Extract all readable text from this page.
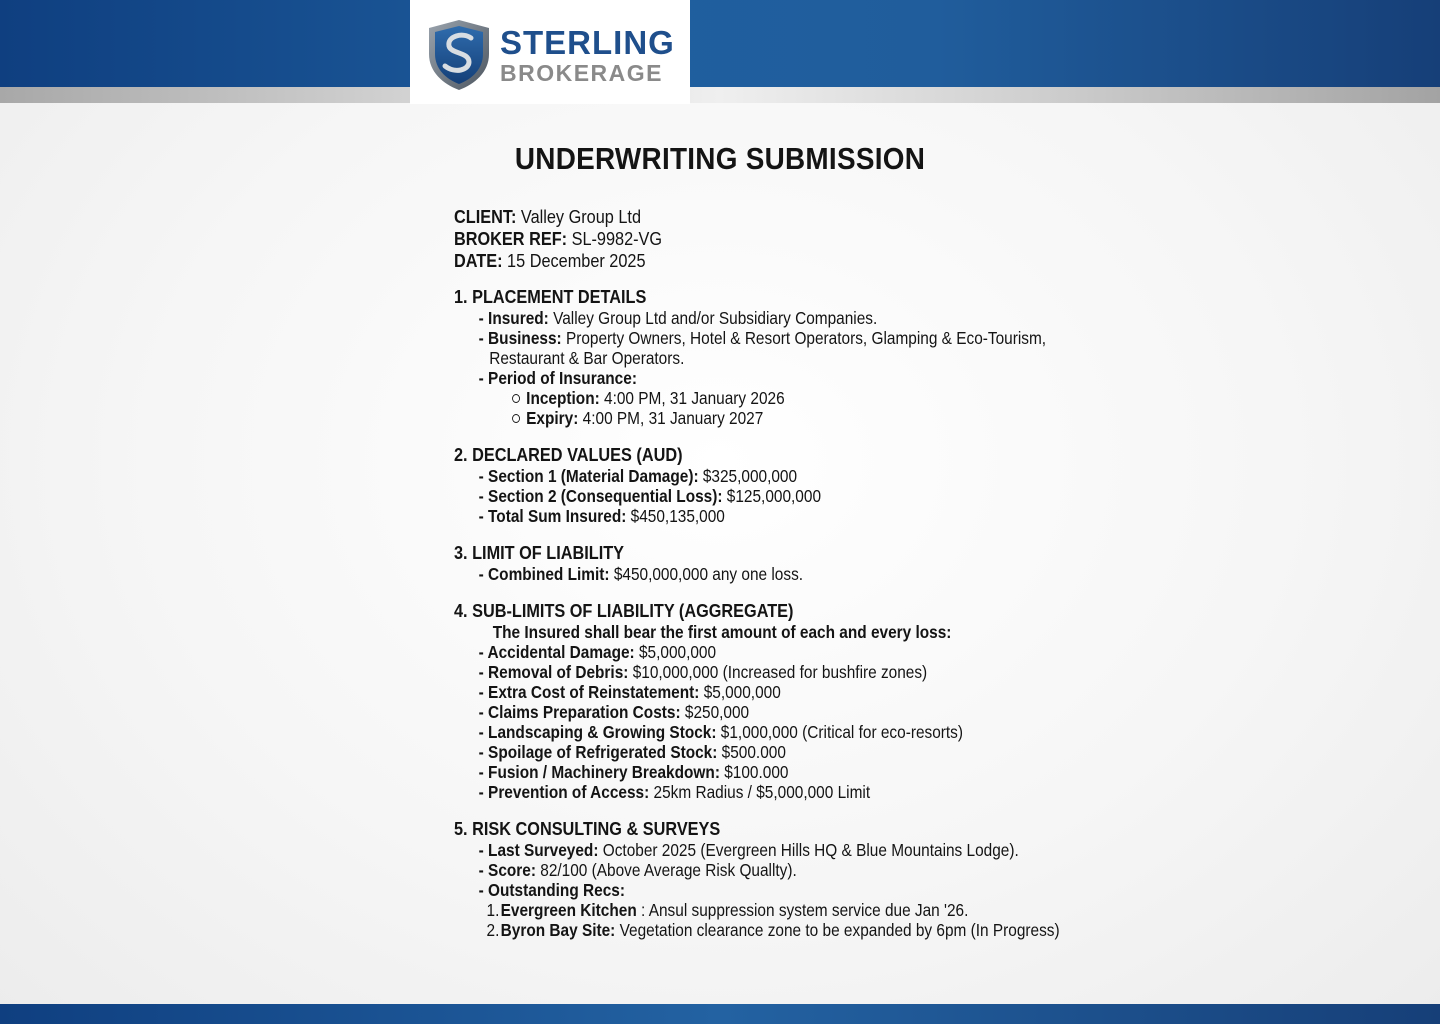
STERLING
BROKERAGE
UNDERWRITING SUBMISSION
CLIENT: Valley Group Ltd
BROKER REF: SL-9982-VG
DATE: 15 December 2025
1. PLACEMENT DETAILS
- Insured: Valley Group Ltd and/or Subsidiary Companies.
- Business: Property Owners, Hotel & Resort Operators, Glamping & Eco-Tourism, Restaurant & Bar Operators.
- Period of Insurance:
Inception: 4:00 PM, 31 January 2026
Expiry: 4:00 PM, 31 January 2027
2. DECLARED VALUES (AUD)
- Section 1 (Material Damage): $325,000,000
- Section 2 (Consequential Loss): $125,000,000
- Total Sum Insured: $450,135,000
3. LIMIT OF LIABILITY
- Combined Limit: $450,000,000 any one loss.
4. SUB-LIMITS OF LIABILITY (AGGREGATE)
The Insured shall bear the first amount of each and every loss:
- Accidental Damage: $5,000,000
- Removal of Debris: $10,000,000 (Increased for bushfire zones)
- Extra Cost of Reinstatement: $5,000,000
- Claims Preparation Costs: $250,000
- Landscaping & Growing Stock: $1,000,000 (Critical for eco-resorts)
- Spoilage of Refrigerated Stock: $500.000
- Fusion / Machinery Breakdown: $100.000
- Prevention of Access: 25km Radius / $5,000,000 Limit
5. RISK CONSULTING & SURVEYS
- Last Surveyed: October 2025 (Evergreen Hills HQ & Blue Mountains Lodge).
- Score: 82/100 (Above Average Risk Quallty).
- Outstanding Recs:
1.Evergreen Kitchen : Ansul suppression system service due Jan '26.
2.Byron Bay Site: Vegetation clearance zone to be expanded by 6pm (In Progress)
